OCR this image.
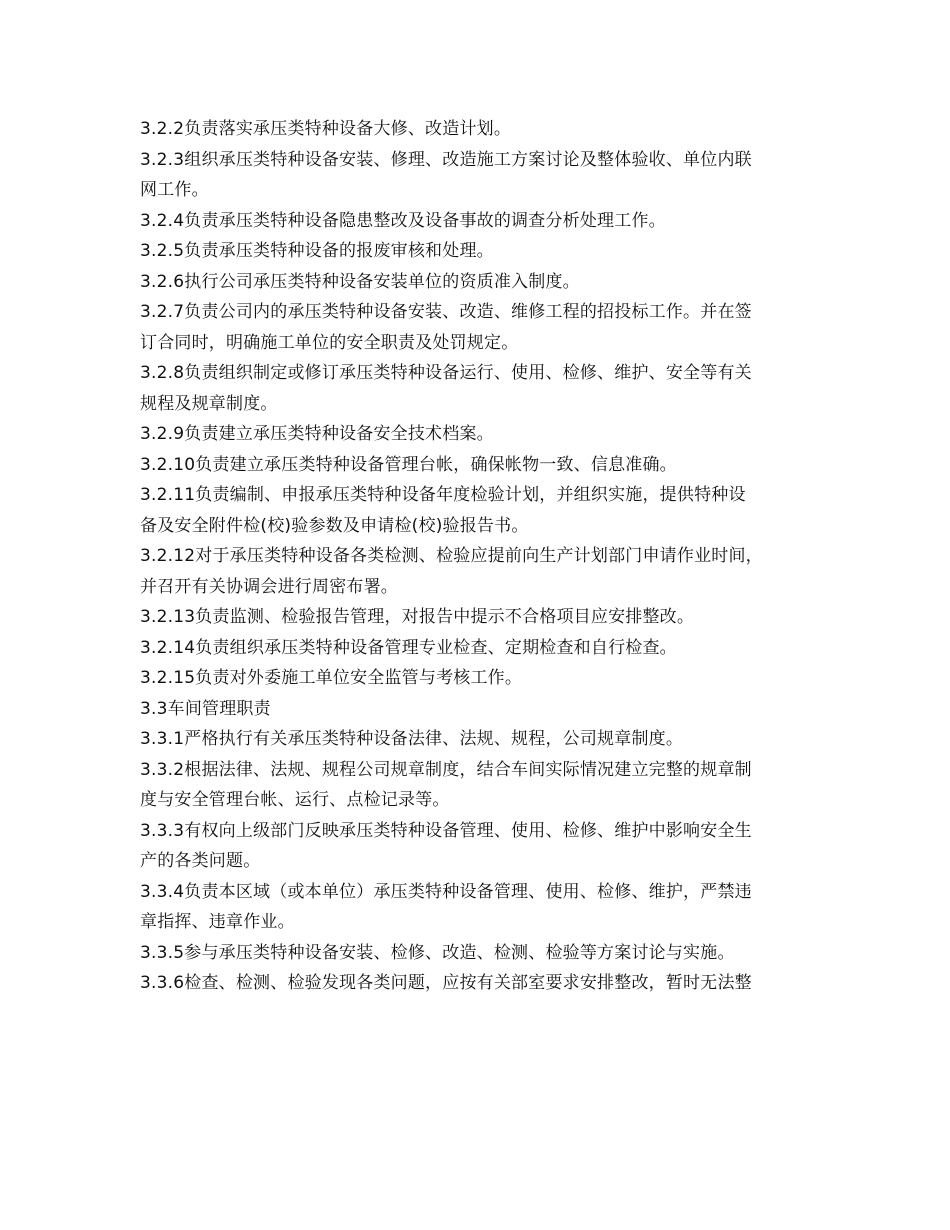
3.2.2负责落实承压类特种设备大修、改造计划。
3.2.3组织承压类特种设备安装、修理、改造施工方案讨论及整体验收、单位内联
网工作。
3.2.4负责承压类特种设备隐患整改及设备事故的调查分析处理工作。
3.2.5负责承压类特种设备的报废审核和处理。
3.2.6执行公司承压类特种设备安装单位的资质准入制度。
3.2.7负责公司内的承压类特种设备安装、改造、维修工程的招投标工作。并在签
订合同时，明确施工单位的安全职责及处罚规定。
3.2.8负责组织制定或修订承压类特种设备运行、使用、检修、维护、安全等有关
规程及规章制度。
3.2.9负责建立承压类特种设备安全技术档案。
3.2.10负责建立承压类特种设备管理台帐，确保帐物一致、信息准确。
3.2.11负责编制、申报承压类特种设备年度检验计划，并组织实施，提供特种设
备及安全附件检(校)验参数及申请检(校)验报告书。
3.2.12对于承压类特种设备各类检测、检验应提前向生产计划部门申请作业时间，
并召开有关协调会进行周密布署。
3.2.13负责监测、检验报告管理，对报告中提示不合格项目应安排整改。
3.2.14负责组织承压类特种设备管理专业检查、定期检查和自行检查。
3.2.15负责对外委施工单位安全监管与考核工作。
3.3车间管理职责
3.3.1严格执行有关承压类特种设备法律、法规、规程，公司规章制度。
3.3.2根据法律、法规、规程公司规章制度，结合车间实际情况建立完整的规章制
度与安全管理台帐、运行、点检记录等。
3.3.3有权向上级部门反映承压类特种设备管理、使用、检修、维护中影响安全生
产的各类问题。
3.3.4负责本区域（或本单位）承压类特种设备管理、使用、检修、维护，严禁违
章指挥、违章作业。
3.3.5参与承压类特种设备安装、检修、改造、检测、检验等方案讨论与实施。
3.3.6检查、检测、检验发现各类问题，应按有关部室要求安排整改，暂时无法整
